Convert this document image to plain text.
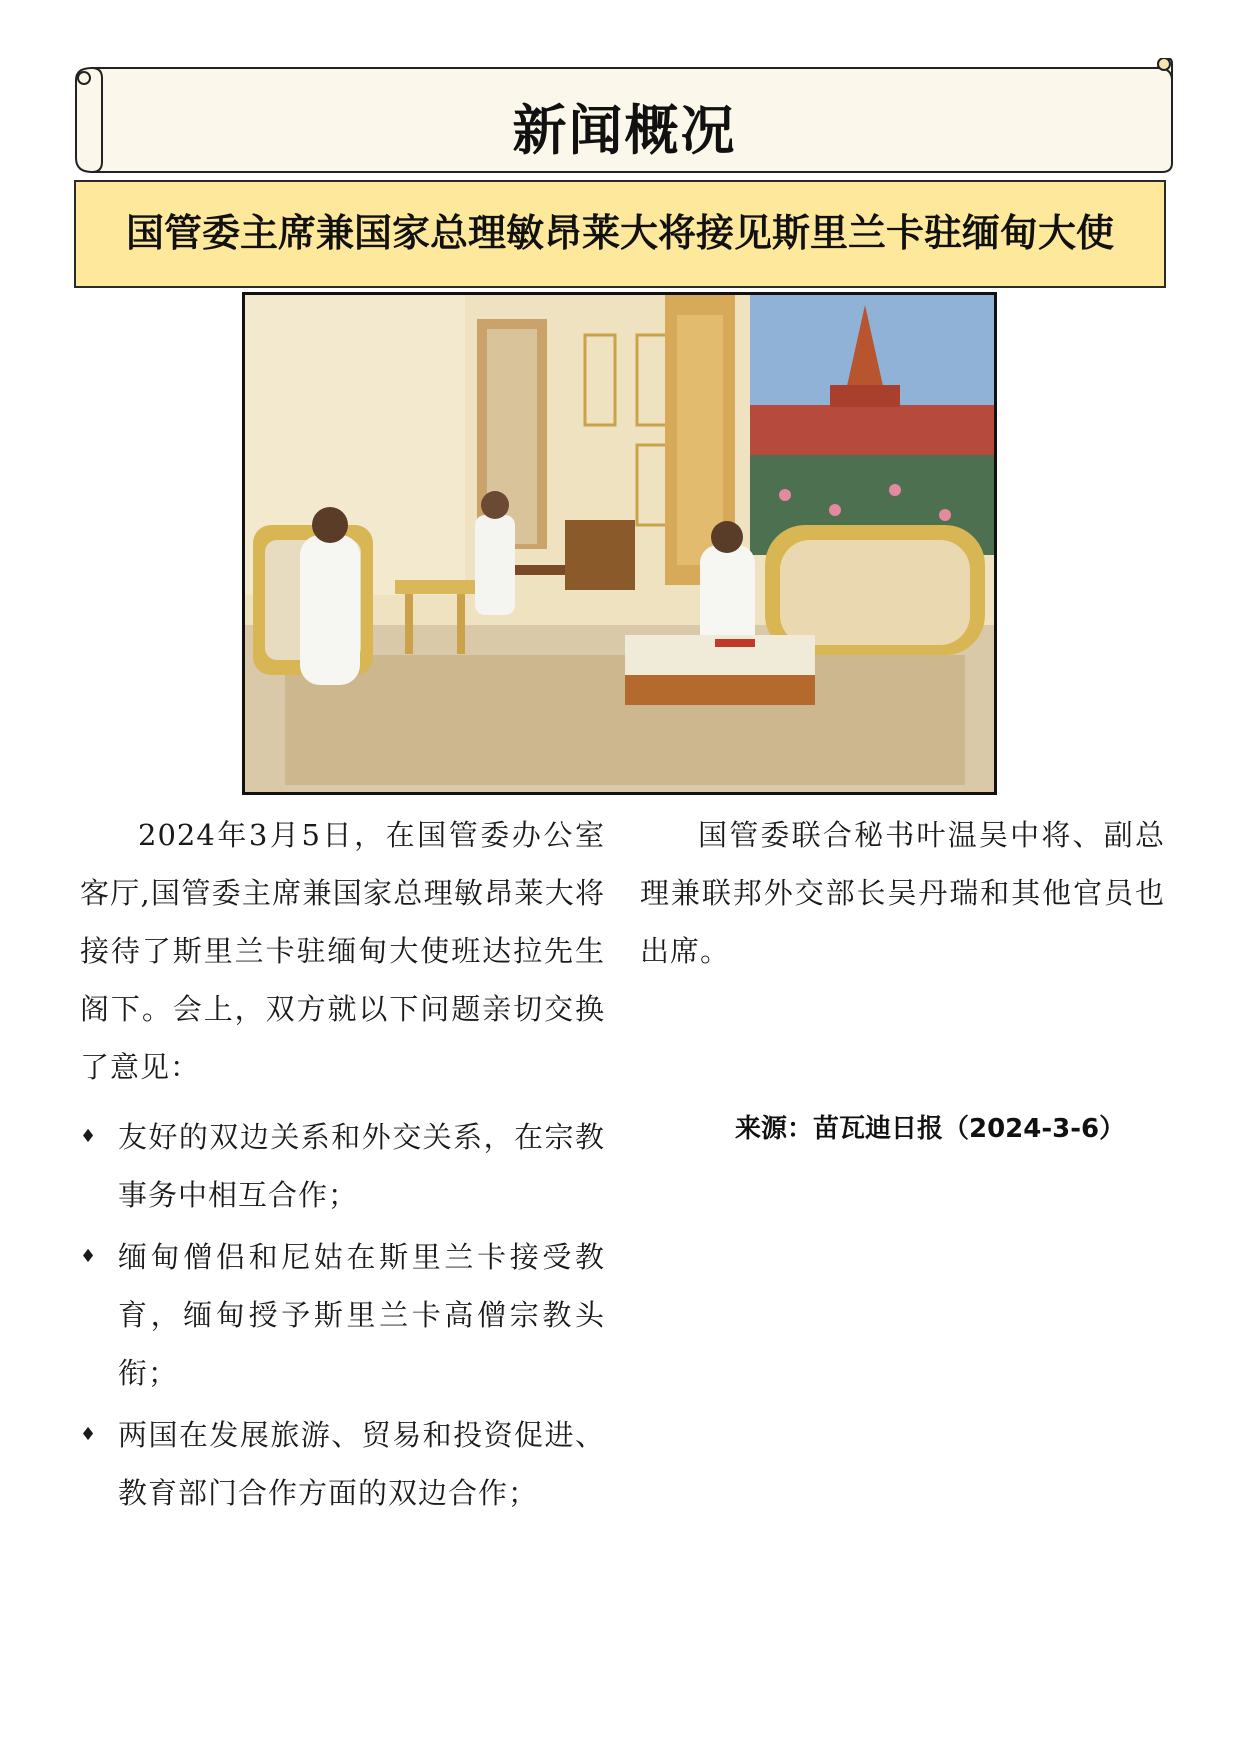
新闻概况
国管委主席兼国家总理敏昂莱大将接见斯里兰卡驻缅甸大使

2024年3月5日，在国管委办公室客厅,国管委主席兼国家总理敏昂莱大将接待了斯里兰卡驻缅甸大使班达拉先生阁下。会上，双方就以下问题亲切交换了意见：

♦ 友好的双边关系和外交关系，在宗教事务中相互合作；
♦ 缅甸僧侣和尼姑在斯里兰卡接受教育，缅甸授予斯里兰卡高僧宗教头衔；
♦ 两国在发展旅游、贸易和投资促进、教育部门合作方面的双边合作；

国管委联合秘书叶温吴中将、副总理兼联邦外交部长吴丹瑞和其他官员也出席。

来源：苗瓦迪日报（2024-3-6）
